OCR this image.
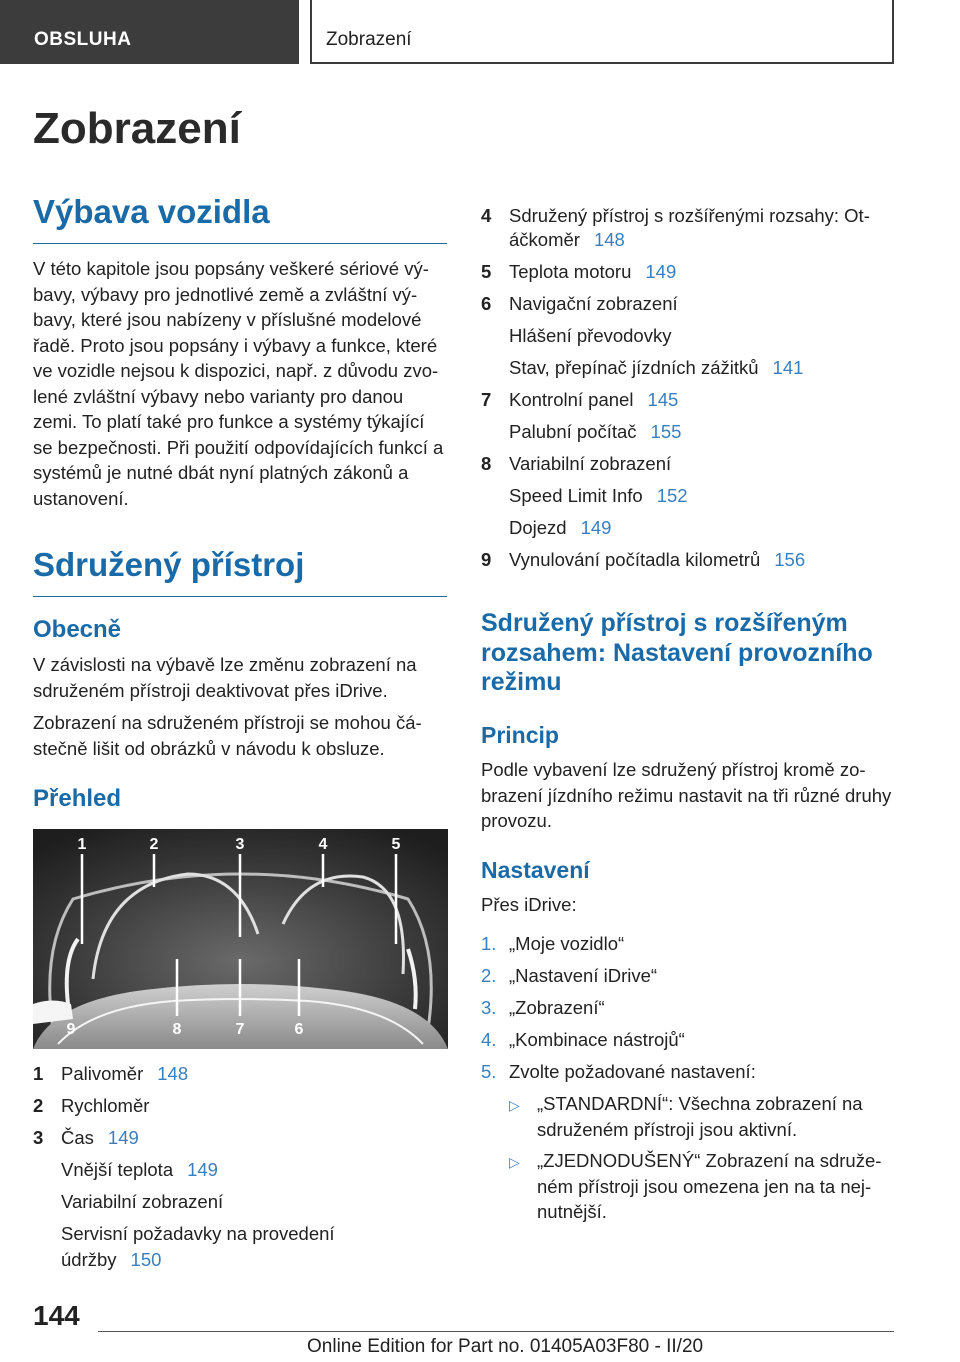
OBSLUHA	Zobrazení
Zobrazení
Výbava vozidla

V této kapitole jsou popsány veškeré sériové vý- bavy, výbavy pro jednotlivé země a zvláštní vý- bavy, které jsou nabízeny v příslušné modelové řadě. Proto jsou popsány i výbavy a funkce, které ve vozidle nejsou k dispozici, např. z důvodu zvo- lené zvláštní výbavy nebo varianty pro danou zemi. To platí také pro funkce a systémy týkající se bezpečnosti. Při použití odpovídajících funkcí a systémů je nutné dbát nyní platných zákonů a ustanovení.

Sdružený přístroj
Obecně

V závislosti na výbavě lze změnu zobrazení na sdruženém přístroji deaktivovat přes iDrive.

Zobrazení na sdruženém přístroji se mohou čá- stečně lišit od obrázků v návodu k obsluze.

Přehled
1	2	3	4	5
6
7
8
9
1 Palivoměr 148
2 Rychloměr
3 Čas 149
Vnější teplota 149
Variabilní zobrazení
Servisní požadavky na provedení
údržby 150
4 Sdružený přístroj s rozšířenými rozsahy: Ot-
áčkoměr 148
5 Teplota motoru 149
6 Navigační zobrazení
Hlášení převodovky
Stav, přepínač jízdních zážitků 141
7 Kontrolní panel 145
Palubní počítač 155
8 Variabilní zobrazení
Speed Limit Info 152
Dojezd 149
9 Vynulování počítadla kilometrů 156
Sdružený přístroj s rozšířeným rozsahem: Nastavení provozního režimu
Princip

Podle vybavení lze sdružený přístroj kromě zo- brazení jízdního režimu nastavit na tři různé druhy provozu.

Nastavení

Přes iDrive:

1. „Moje vozidlo“
2. „Nastavení iDrive“
3. „Zobrazení“
4. „Kombinace nástrojů“
5. Zvolte požadované nastavení:
▷ „STANDARDNÍ“: Všechna zobrazení na sdruženém přístroji jsou aktivní.
▷ „ZJEDNODUŠENÝ“ Zobrazení na sdruže- ném přístroji jsou omezena jen na ta nej- nutnější.
144
Online Edition for Part no. 01405A03F80 - II/20
